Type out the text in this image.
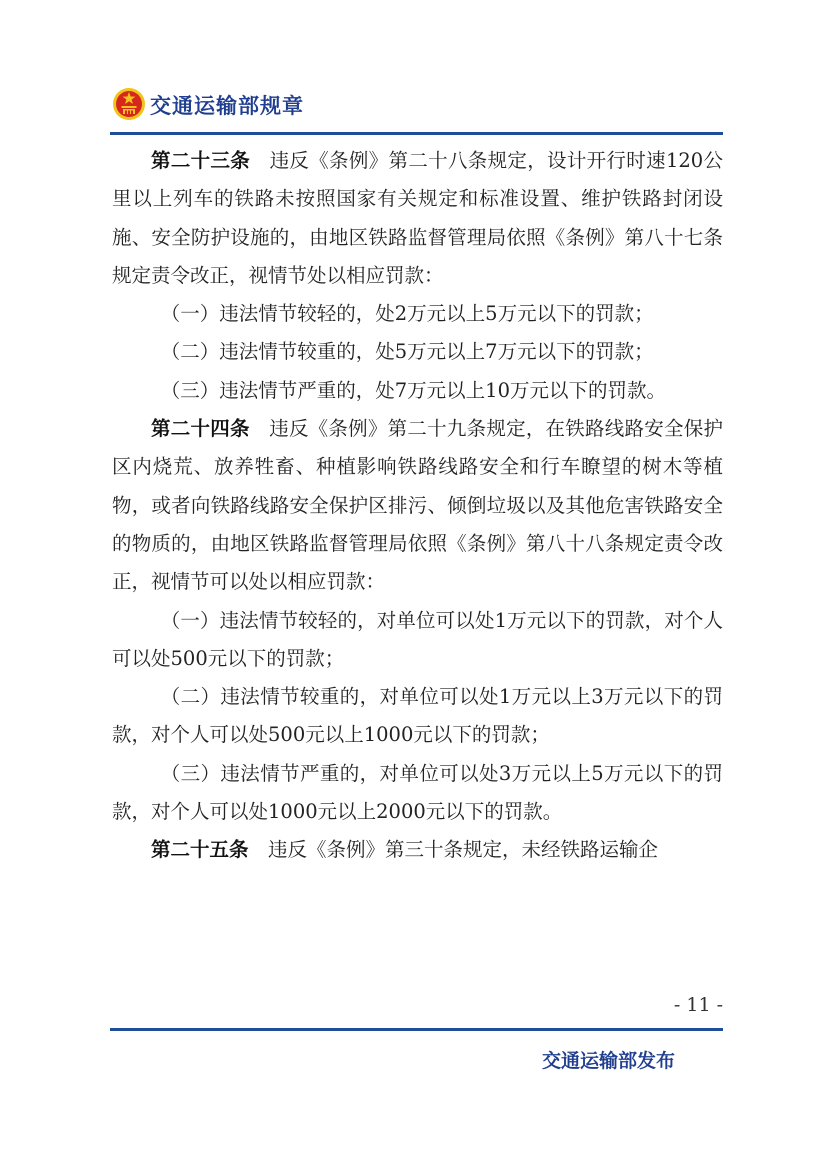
交通运输部规章

第二十三条 违反《条例》第二十八条规定，设计开行时速120公里以上列车的铁路未按照国家有关规定和标准设置、维护铁路封闭设施、安全防护设施的，由地区铁路监督管理局依照《条例》第八十七条规定责令改正，视情节处以相应罚款：

（一）违法情节较轻的，处2万元以上5万元以下的罚款；

（二）违法情节较重的，处5万元以上7万元以下的罚款；

（三）违法情节严重的，处7万元以上10万元以下的罚款。

第二十四条 违反《条例》第二十九条规定，在铁路线路安全保护区内烧荒、放养牲畜、种植影响铁路线路安全和行车瞭望的树木等植物，或者向铁路线路安全保护区排污、倾倒垃圾以及其他危害铁路安全的物质的，由地区铁路监督管理局依照《条例》第八十八条规定责令改正，视情节可以处以相应罚款：

（一）违法情节较轻的，对单位可以处1万元以下的罚款，对个人可以处500元以下的罚款；

（二）违法情节较重的，对单位可以处1万元以上3万元以下的罚款，对个人可以处500元以上1000元以下的罚款；

（三）违法情节严重的，对单位可以处3万元以上5万元以下的罚款，对个人可以处1000元以上2000元以下的罚款。

第二十五条 违反《条例》第三十条规定，未经铁路运输企

- 11 -
交通运输部发布
